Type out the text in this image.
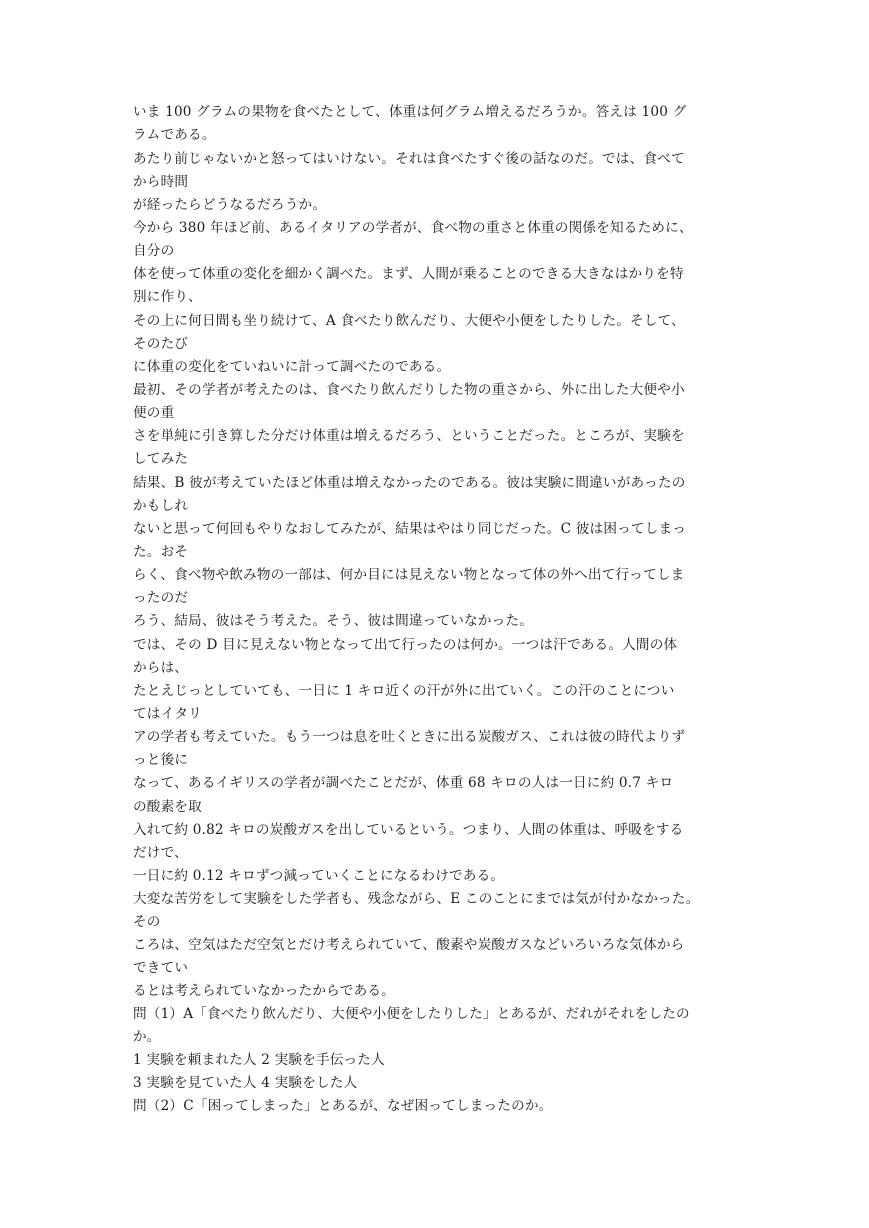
いま 100 グラムの果物を食べたとして、体重は何グラム増えるだろうか。答えは 100 グ
ラムである。
あたり前じゃないかと怒ってはいけない。それは食べたすぐ後の話なのだ。では、食べて
から時間
が経ったらどうなるだろうか。
今から 380 年ほど前、あるイタリアの学者が、食べ物の重さと体重の関係を知るために、
自分の
体を使って体重の変化を細かく調べた。まず、人間が乗ることのできる大きなはかりを特
別に作り、
その上に何日間も坐り続けて、A 食べたり飲んだり、大便や小便をしたりした。そして、
そのたび
に体重の変化をていねいに計って調べたのである。
最初、その学者が考えたのは、食べたり飲んだりした物の重さから、外に出した大便や小
便の重
さを単純に引き算した分だけ体重は増えるだろう、ということだった。ところが、実験を
してみた
結果、B 彼が考えていたほど体重は増えなかったのである。彼は実験に間違いがあったの
かもしれ
ないと思って何回もやりなおしてみたが、結果はやはり同じだった。C 彼は困ってしまっ
た。おそ
らく、食べ物や飲み物の一部は、何か目には見えない物となって体の外へ出て行ってしま
ったのだ
ろう、結局、彼はそう考えた。そう、彼は間違っていなかった。
では、その D 目に見えない物となって出て行ったのは何か。一つは汗である。人間の体
からは、
たとえじっとしていても、一日に 1 キロ近くの汗が外に出ていく。この汗のことについ
てはイタリ
アの学者も考えていた。もう一つは息を吐くときに出る炭酸ガス、これは彼の時代よりず
っと後に
なって、あるイギリスの学者が調べたことだが、体重 68 キロの人は一日に約 0.7 キロ
の酸素を取
入れて約 0.82 キロの炭酸ガスを出しているという。つまり、人間の体重は、呼吸をする
だけで、
一日に約 0.12 キロずつ減っていくことになるわけである。
大変な苦労をして実験をした学者も、残念ながら、E このことにまでは気が付かなかった。
その
ころは、空気はただ空気とだけ考えられていて、酸素や炭酸ガスなどいろいろな気体から
できてい
るとは考えられていなかったからである。
問（1）A「食べたり飲んだり、大便や小便をしたりした」とあるが、だれがそれをしたの
か。
1 実験を頼まれた人 2 実験を手伝った人
3 実験を見ていた人 4 実験をした人
問（2）C「困ってしまった」とあるが、なぜ困ってしまったのか。
